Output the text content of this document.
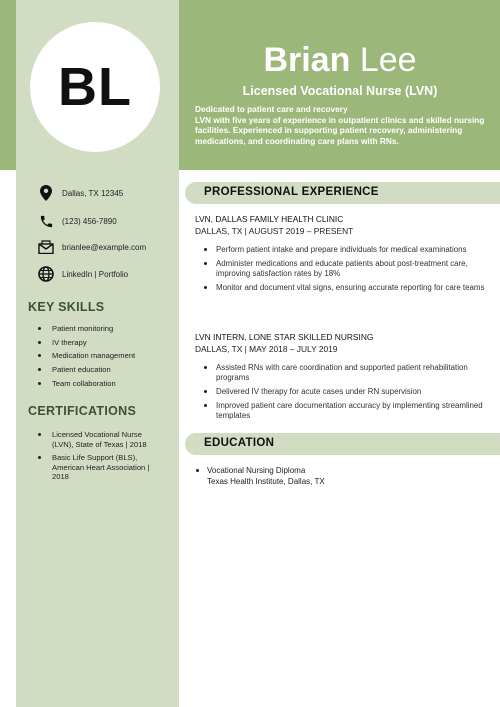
BL	Brian Lee
Licensed Vocational Nurse (LVN)
Dedicated to patient care and recovery
LVN with five years of experience in outpatient clinics and skilled nursing facilities. Experienced in supporting patient recovery, administering medications, and coordinating care plans with RNs.
Dallas, TX 12345
(123) 456-7890
brianlee@example.com
LinkedIn | Portfolio
KEY SKILLS
Patient monitoring
IV therapy
Medication management
Patient education
Team collaboration
CERTIFICATIONS
Licensed Vocational Nurse (LVN), State of Texas | 2018
Basic Life Support (BLS), American Heart Association | 2018
PROFESSIONAL EXPERIENCE
LVN, DALLAS FAMILY HEALTH CLINIC
DALLAS, TX | AUGUST 2019 – PRESENT
Perform patient intake and prepare individuals for medical examinations
Administer medications and educate patients about post-treatment care, improving satisfaction rates by 18%
Monitor and document vital signs, ensuring accurate reporting for care teams
LVN INTERN, LONE STAR SKILLED NURSING
DALLAS, TX | MAY 2018 – JULY 2019
Assisted RNs with care coordination and supported patient rehabilitation programs
Delivered IV therapy for acute cases under RN supervision
Improved patient care documentation accuracy by implementing streamlined templates
EDUCATION
Vocational Nursing Diploma
Texas Health Institute, Dallas, TX
